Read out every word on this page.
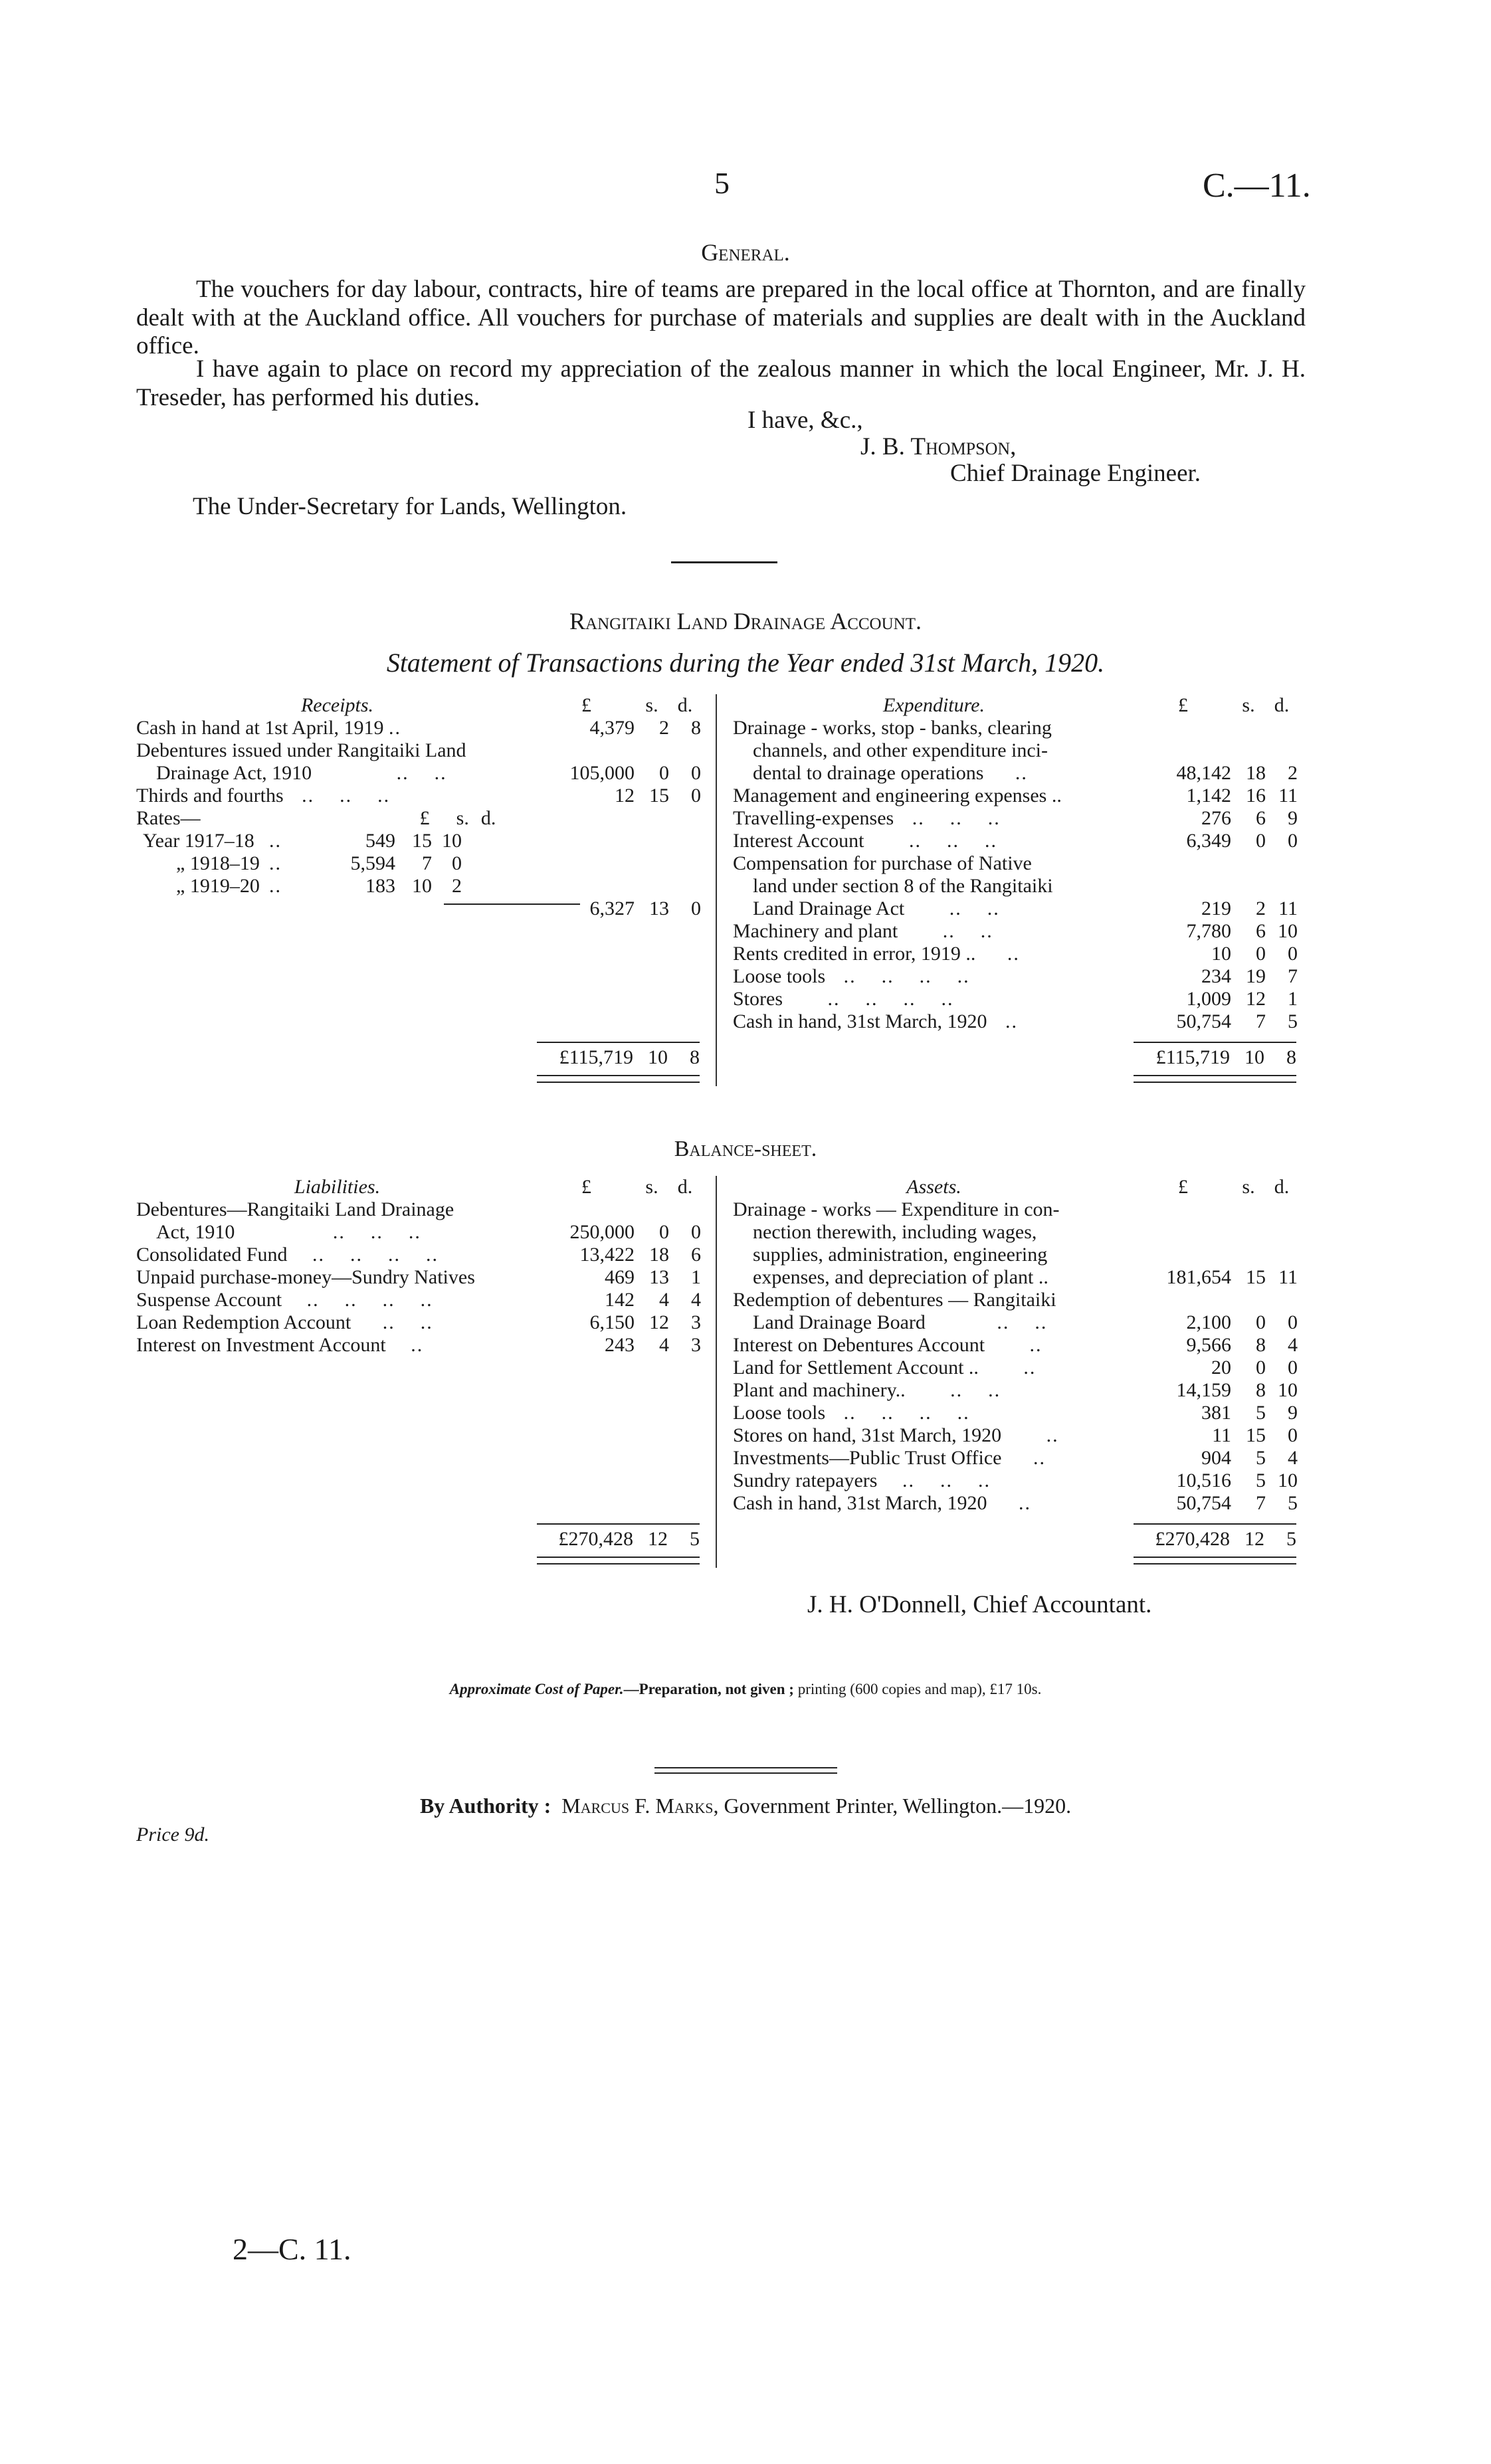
5	C.—11.
General.
The vouchers for day labour, contracts, hire of teams are prepared in the local office at Thornton, and are finally dealt with at the Auckland office. All vouchers for purchase of materials and supplies are dealt with in the Auckland office.
I have again to place on record my appreciation of the zealous manner in which the local Engineer, Mr. J. H. Treseder, has performed his duties.
I have, &c.,
J. B. Thompson,
Chief Drainage Engineer.
The Under-Secretary for Lands, Wellington.
Rangitaiki Land Drainage Account.
Statement of Transactions during the Year ended 31st March, 1920.
Receipts.	£	s.	d.
Cash in hand at 1st April, 1919 ..	4,379	2	8
Debentures issued under Rangitaiki Land			
Drainage Act, 1910 ..    ..	105,000	0	0
Thirds and fourths ..    ..    ..	12	15	0
Rates— £ s. d.			
Year 1917–18 .. 549 15 10			
„ 1918–19 .. 5,594 7 0			
„ 1919–20 .. 183 10 2			
	6,327	13	0
£115,719	10	8
Expenditure.	£	s.	d.
Drainage - works, stop - banks, clearing			
channels, and other expenditure inci-			
dental to drainage operations ..	48,142	18	2
Management and engineering expenses ..	1,142	16	11
Travelling-expenses ..    ..    ..	276	6	9
Interest Account ..    ..    ..	6,349	0	0
Compensation for purchase of Native			
land under section 8 of the Rangitaiki			
Land Drainage Act ..    ..	219	2	11
Machinery and plant ..    ..	7,780	6	10
Rents credited in error, 1919 .. ..	10	0	0
Loose tools ..    ..    ..    ..	234	19	7
Stores ..    ..    ..    ..	1,009	12	1
Cash in hand, 31st March, 1920 ..	50,754	7	5
£115,719	10	8
Balance-sheet.
Liabilities.	£	s.	d.
Debentures—Rangitaiki Land Drainage			
Act, 1910 ..    ..    ..	250,000	0	0
Consolidated Fund ..    ..    ..    ..	13,422	18	6
Unpaid purchase-money—Sundry Natives	469	13	1
Suspense Account ..    ..    ..    ..	142	4	4
Loan Redemption Account ..    ..	6,150	12	3
Interest on Investment Account ..	243	4	3
£270,428	12	5
Assets.	£	s.	d.
Drainage - works — Expenditure in con-			
nection therewith, including wages,			
supplies, administration, engineering			
expenses, and depreciation of plant ..	181,654	15	11
Redemption of debentures — Rangitaiki			
Land Drainage Board ..    ..	2,100	0	0
Interest on Debentures Account ..	9,566	8	4
Land for Settlement Account .. ..	20	0	0
Plant and machinery.. ..    ..	14,159	8	10
Loose tools ..    ..    ..    ..	381	5	9
Stores on hand, 31st March, 1920 ..	11	15	0
Investments—Public Trust Office ..	904	5	4
Sundry ratepayers ..    ..    ..	10,516	5	10
Cash in hand, 31st March, 1920 ..	50,754	7	5
£270,428	12	5
J. H. O'Donnell, Chief Accountant.
Approximate Cost of Paper.—Preparation, not given ; printing (600 copies and map), £17 10s.
By Authority : Marcus F. Marks, Government Printer, Wellington.—1920.
Price 9d.
2—C. 11.
